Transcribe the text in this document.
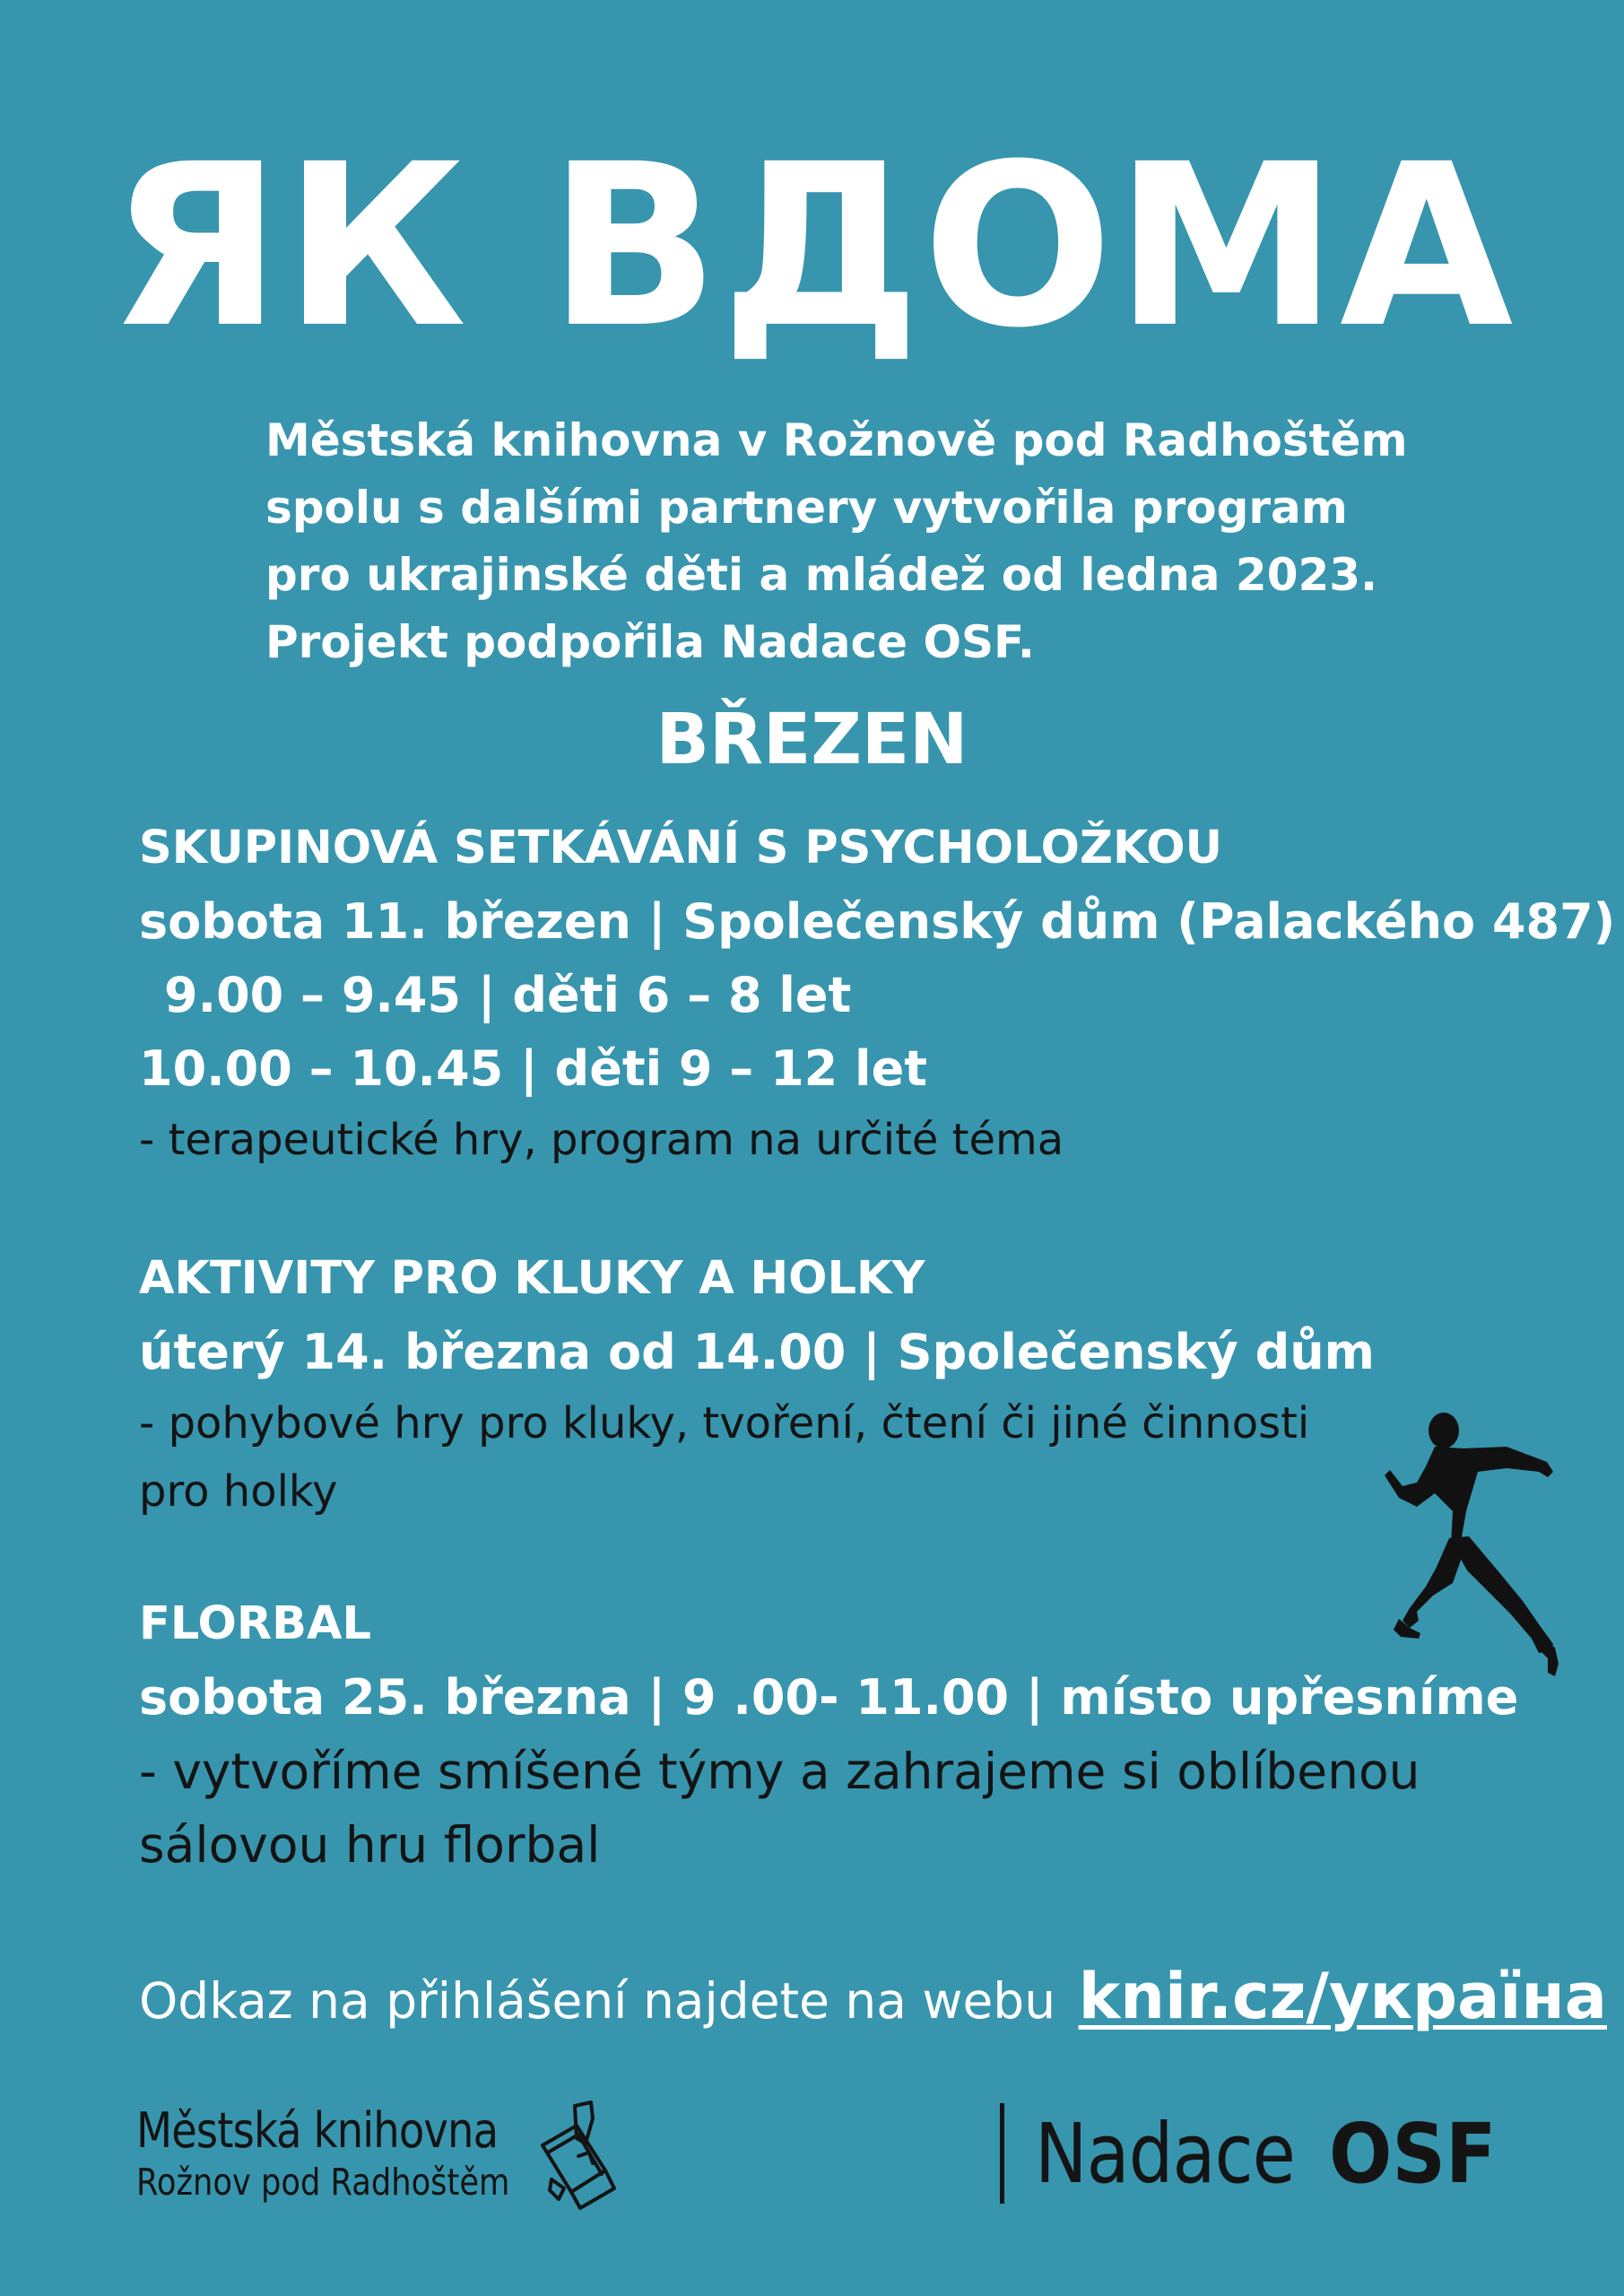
ЯК ВДОМА
Městská knihovna v Rožnově pod Radhoštěm
spolu s dalšími partnery vytvořila program
pro ukrajinské děti a mládež od ledna 2023.
Projekt podpořila Nadace OSF.
BŘEZEN
SKUPINOVÁ SETKÁVÁNÍ S PSYCHOLOŽKOU
sobota 11. březen | Společenský dům (Palackého 487)
9.00 – 9.45 | děti 6 – 8 let
10.00 – 10.45 | děti 9 – 12 let
- terapeutické hry, program na určité téma
AKTIVITY PRO KLUKY A HOLKY
úterý 14. března od 14.00 | Společenský dům
- pohybové hry pro kluky, tvoření, čtení či jiné činnosti
pro holky
FLORBAL
sobota 25. března | 9 .00- 11.00 | místo upřesníme
- vytvoříme smíšené týmy a zahrajeme si oblíbenou
sálovou hru florbal
Odkaz na přihlášení najdete na webu knir.cz/україна
Městská knihovna
Rožnov pod Radhoštěm	Nadace OSF
